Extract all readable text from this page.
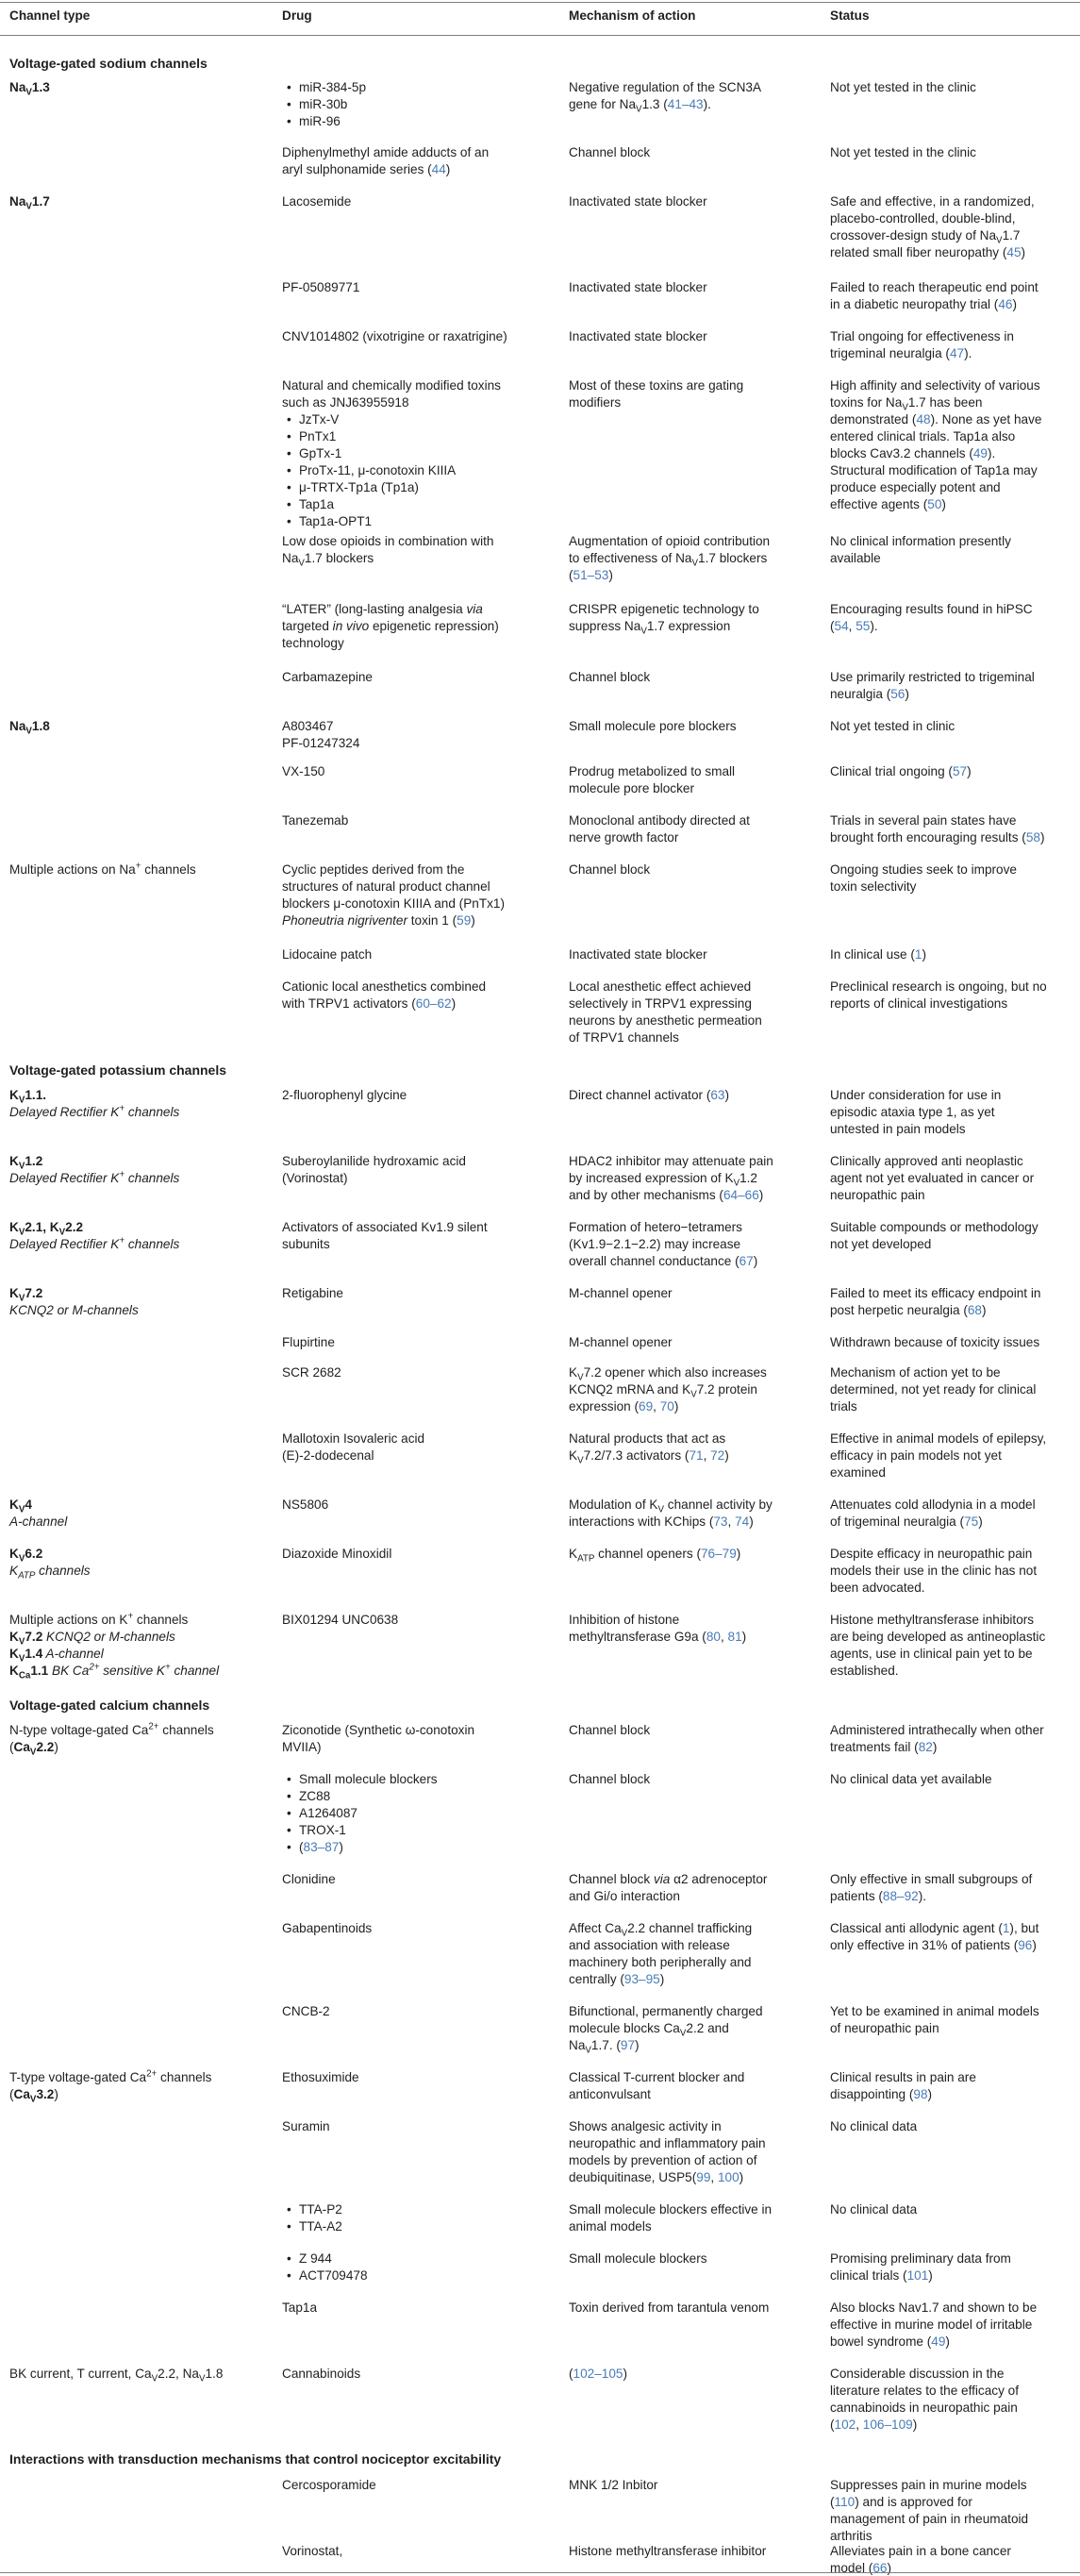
Channel type	Drug	Mechanism of action	Status
Voltage-gated sodium channels
$Na_V1.3$
•	miR-384-5p
• miR-30b
• miR-96
Negative regulation of the SCN3A
gene for $Na_V1.3$ (41–43).
Not yet tested in the clinic
Diphenylmethyl amide adducts of an
aryl sulphonamide series (44)
Channel block	Not yet tested in the clinic
$Na_V1.7$	Lacosemide	Inactivated state blocker	Safe and effective, in a randomized,
placebo-controlled, double-blind,
crossover-design study of $Na_V1.7$
related small fiber neuropathy (45)
PF-05089771	Inactivated state blocker	Failed to reach therapeutic end point
in a diabetic neuropathy trial (46)
CNV1014802 (vixotrigine or raxatrigine)	Inactivated state blocker	Trial ongoing for effectiveness in
trigeminal neuralgia (47).
Natural and chemically modified toxins
such as JNJ63955918
• JzTx-V
• PnTx1
• GpTx-1
• ProTx-11, μ-conotoxin KIIIA
• μ-TRTX-Tp1a (Tp1a)
• Tap1a
• Tap1a-OPT1
Most of these toxins are gating
modifiers
High affinity and selectivity of various
toxins for $Na_V1.7$ has been
demonstrated (48). None as yet have
entered clinical trials. Tap1a also
blocks Cav3.2 channels (49).
Structural modification of Tap1a may
produce especially potent and
effective agents (50)
Low dose opioids in combination with
$Na_V1.7$ blockers
Augmentation of opioid contribution
to effectiveness of $Na_V1.7$ blockers
(51–53)
No clinical information presently
available
“LATER” (long-lasting analgesia via
targeted in vivo epigenetic repression)
technology
CRISPR epigenetic technology to
suppress $Na_V1.7$ expression
Encouraging results found in hiPSC
(54, 55).
Carbamazepine	Channel block	Use primarily restricted to trigeminal
neuralgia (56)
$Na_V1.8$	A803467
PF-01247324
Small molecule pore blockers	Not yet tested in clinic
VX-150	Prodrug metabolized to small
molecule pore blocker
Clinical trial ongoing (57)
Tanezemab	Monoclonal antibody directed at
nerve growth factor
Trials in several pain states have
brought forth encouraging results (58)
Multiple actions on Na+ channels	Cyclic peptides derived from the
structures of natural product channel
blockers μ-conotoxin KIIIA and (PnTx1)
Phoneutria nigriventer toxin 1 (59)
Channel block	Ongoing studies seek to improve
toxin selectivity
Lidocaine patch	Inactivated state blocker	In clinical use (1)
Cationic local anesthetics combined
with TRPV1 activators (60–62)
Local anesthetic effect achieved
selectively in TRPV1 expressing
neurons by anesthetic permeation
of TRPV1 channels
Preclinical research is ongoing, but no
reports of clinical investigations
Voltage-gated potassium channels
$K_V1.1$.
Delayed Rectifier K+ channels
2-fluorophenyl glycine	Direct channel activator (63)	Under consideration for use in
episodic ataxia type 1, as yet
untested in pain models
$K_V1.2$
Delayed Rectifier K+ channels
Suberoylanilide hydroxamic acid
(Vorinostat)
HDAC2 inhibitor may attenuate pain
by increased expression of $K_V1.2$
and by other mechanisms (64–66)
Clinically approved anti neoplastic
agent not yet evaluated in cancer or
neuropathic pain
$K_V2.1$, $K_V2.2$
Delayed Rectifier K+ channels
Activators of associated Kv1.9 silent
subunits
Formation of hetero−tetramers
(Kv1.9−2.1−2.2) may increase
overall channel conductance (67)
Suitable compounds or methodology
not yet developed
$K_V7.2$
KCNQ2 or M-channels
Retigabine	M-channel opener	Failed to meet its efficacy endpoint in
post herpetic neuralgia (68)
Flupirtine	M-channel opener	Withdrawn because of toxicity issues
SCR 2682	$K_V7.2$ opener which also increases
KCNQ2 mRNA and $K_V7.2$ protein
expression (69, 70)
Mechanism of action yet to be
determined, not yet ready for clinical
trials
Mallotoxin Isovaleric acid
(E)-2-dodecenal
Natural products that act as
$K_V7.2/7.3$ activators (71, 72)
Effective in animal models of epilepsy,
efficacy in pain models not yet
examined
$K_V4$
A-channel
NS5806	Modulation of $K_V$ channel activity by
interactions with KChips (73, 74)
Attenuates cold allodynia in a model
of trigeminal neuralgia (75)
$K_V6.2$
$K_{ATP}$ channels
Diazoxide Minoxidil	$K_{ATP}$ channel openers (76–79)	Despite efficacy in neuropathic pain
models their use in the clinic has not
been advocated.
Multiple actions on K+ channels
$K_V7.2$ KCNQ2 or M-channels
$K_V1.4$ A-channel
$K_{Ca}1.1$ BK $Ca^{2+}$ sensitive K+ channel
BIX01294 UNC0638	Inhibition of histone
methyltransferase G9a (80, 81)
Histone methyltransferase inhibitors
are being developed as antineoplastic
agents, use in clinical pain yet to be
established.
Voltage-gated calcium channels
N-type voltage-gated $Ca^{2+}$ channels
$(Ca_V2.2)$
Ziconotide (Synthetic ω-conotoxin
MVIIA)
Channel block	Administered intrathecally when other
treatments fail (82)
• Small molecule blockers
• ZC88
• A1264087
• TROX-1
• (83–87)
Channel block	No clinical data yet available
Clonidine	Channel block via α2 adrenoceptor
and Gi/o interaction
Only effective in small subgroups of
patients (88–92).
Gabapentinoids	Affect $Ca_V2.2$ channel trafficking
and association with release
machinery both peripherally and
centrally (93–95)
Classical anti allodynic agent (1), but
only effective in 31% of patients (96)
CNCB-2	Bifunctional, permanently charged
molecule blocks $Ca_V2.2$ and
$Na_V1.7$. (97)
Yet to be examined in animal models
of neuropathic pain
T-type voltage-gated $Ca^{2+}$ channels
$(Ca_V3.2)$
Ethosuximide	Classical T-current blocker and
anticonvulsant
Clinical results in pain are
disappointing (98)
Suramin	Shows analgesic activity in
neuropathic and inflammatory pain
models by prevention of action of
deubiquitinase, USP5(99, 100)
No clinical data
• TTA-P2
• TTA-A2
Small molecule blockers effective in
animal models
No clinical data
• Z 944
• ACT709478
Small molecule blockers	Promising preliminary data from
clinical trials (101)
Tap1a	Toxin derived from tarantula venom	Also blocks Nav1.7 and shown to be
effective in murine model of irritable
bowel syndrome (49)
BK current, T current, $Ca_V2.2$, $Na_V1.8$	Cannabinoids	(102–105)	Considerable discussion in the
literature relates to the efficacy of
cannabinoids in neuropathic pain
(102, 106–109)
Interactions with transduction mechanisms that control nociceptor excitability
Cercosporamide	MNK 1/2 Inbitor	Suppresses pain in murine models
(110) and is approved for
management of pain in rheumatoid
arthritis
Vorinostat,	Histone methyltransferase inhibitor	Alleviates pain in a bone cancer
model (66)
